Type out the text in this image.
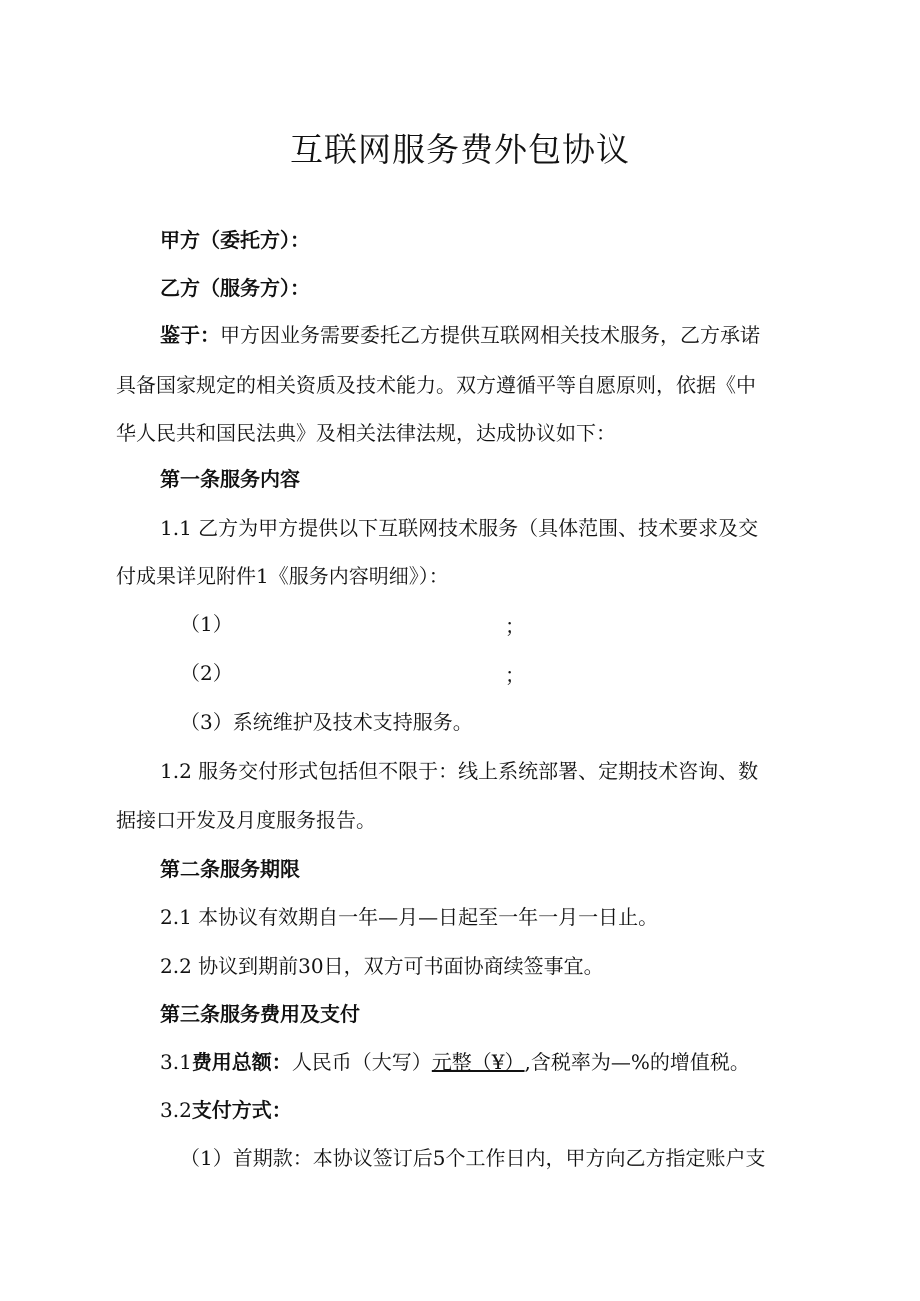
互联网服务费外包协议
甲方（委托方）：
乙方（服务方）：
鉴于：甲方因业务需要委托乙方提供互联网相关技术服务，乙方承诺
具备国家规定的相关资质及技术能力。双方遵循平等自愿原则，依据《中
华人民共和国民法典》及相关法律法规，达成协议如下：
第一条服务内容
1.1 乙方为甲方提供以下互联网技术服务（具体范围、技术要求及交
付成果详见附件1《服务内容明细》）：
（1）	；
（2）	；
（3）系统维护及技术支持服务。
1.2 服务交付形式包括但不限于：线上系统部署、定期技术咨询、数
据接口开发及月度服务报告。
第二条服务期限
2.1 本协议有效期自一年—月—日起至一年一月一日止。
2.2 协议到期前30日，双方可书面协商续签事宜。
第三条服务费用及支付
3.1费用总额：人民币（大写）元整（¥）,含税率为—%的增值税。
3.2支付方式：
（1）首期款：本协议签订后5个工作日内，甲方向乙方指定账户支
